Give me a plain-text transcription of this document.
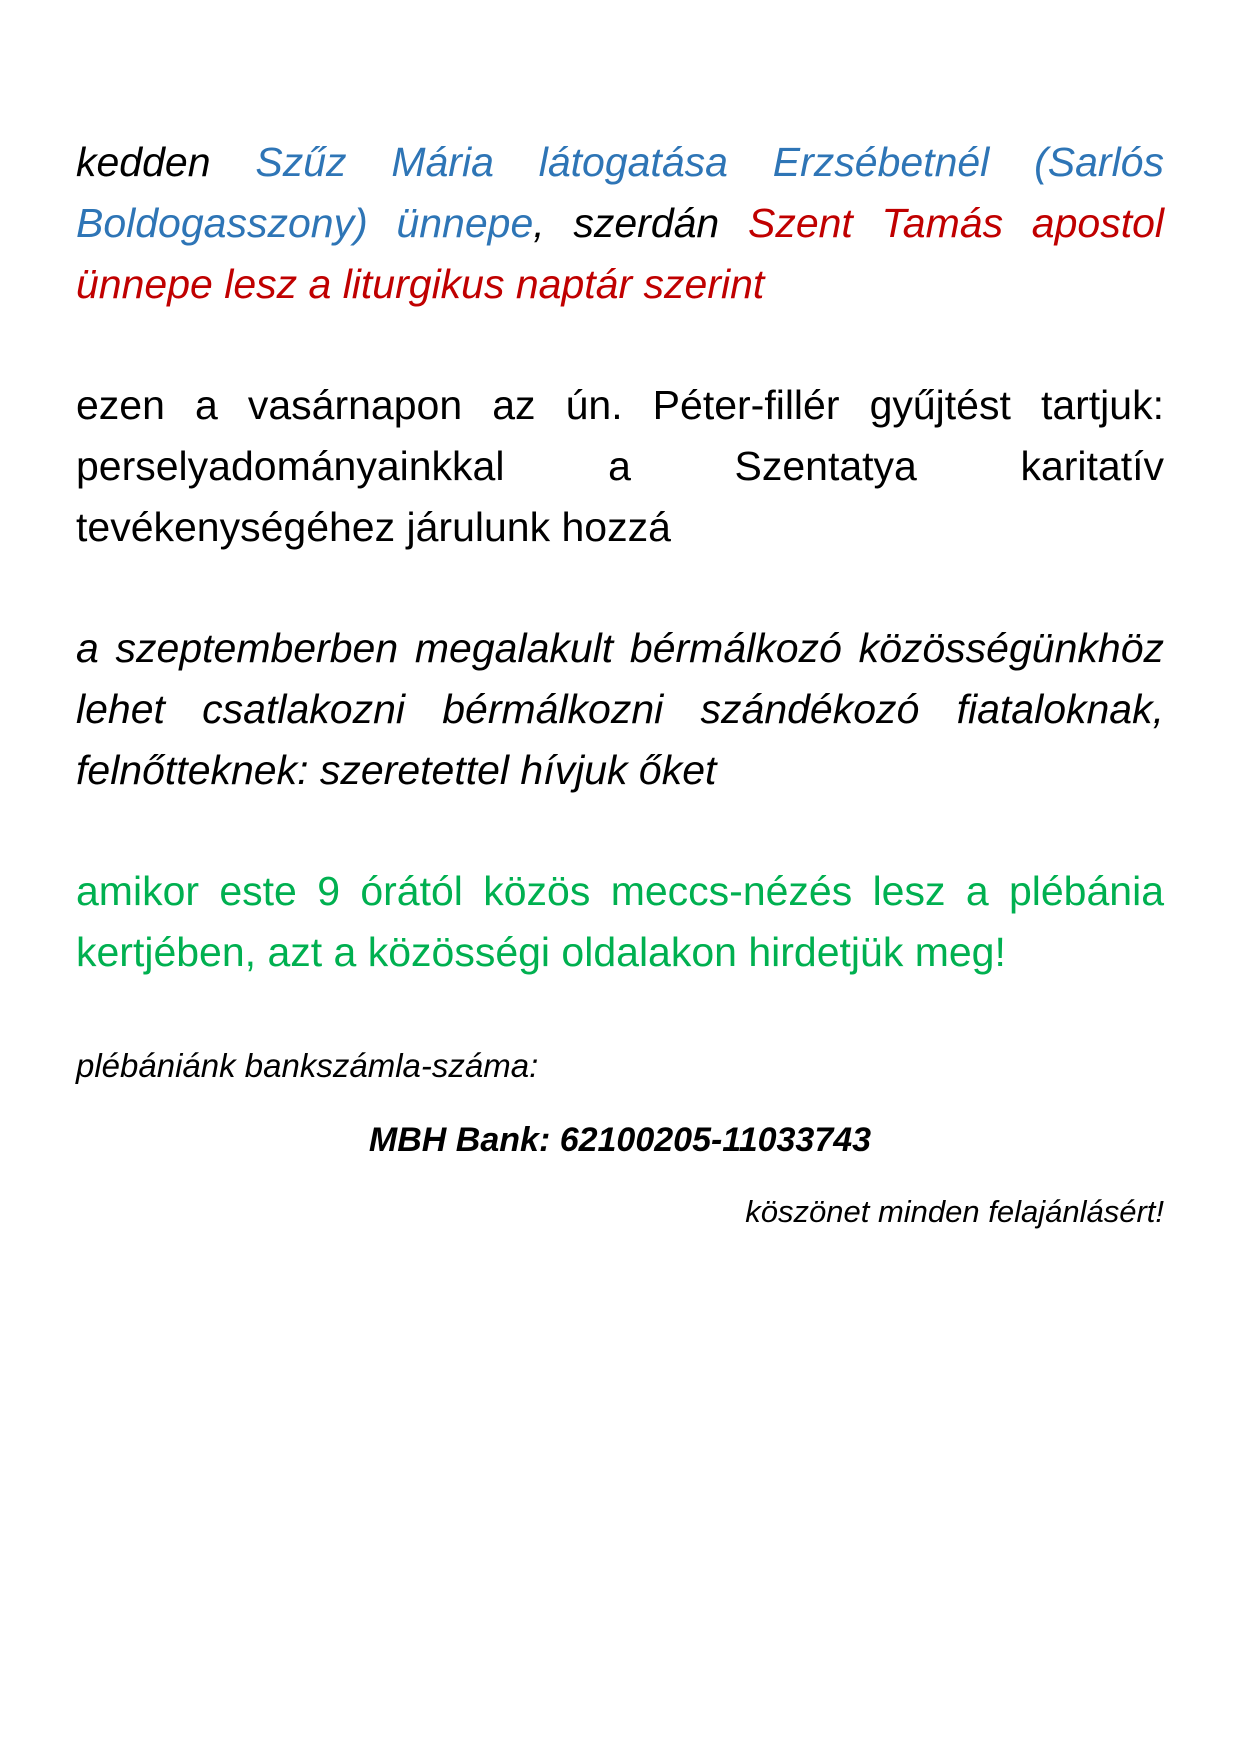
kedden Szűz Mária látogatása Erzsébetnél (Sarlós Boldogasszony) ünnepe, szerdán Szent Tamás apostol ünnepe lesz a liturgikus naptár szerint

ezen a vasárnapon az ún. Péter-fillér gyűjtést tartjuk: perselyadományainkkal a Szentatya karitatív tevékenységéhez járulunk hozzá

a szeptemberben megalakult bérmálkozó közösségünkhöz lehet csatlakozni bérmálkozni szándékozó fiataloknak, felnőtteknek: szeretettel hívjuk őket

amikor este 9 órától közös meccs-nézés lesz a plébánia kertjében, azt a közösségi oldalakon hirdetjük meg!

plébániánk bankszámla-száma:

MBH Bank: 62100205-11033743

köszönet minden felajánlásért!
